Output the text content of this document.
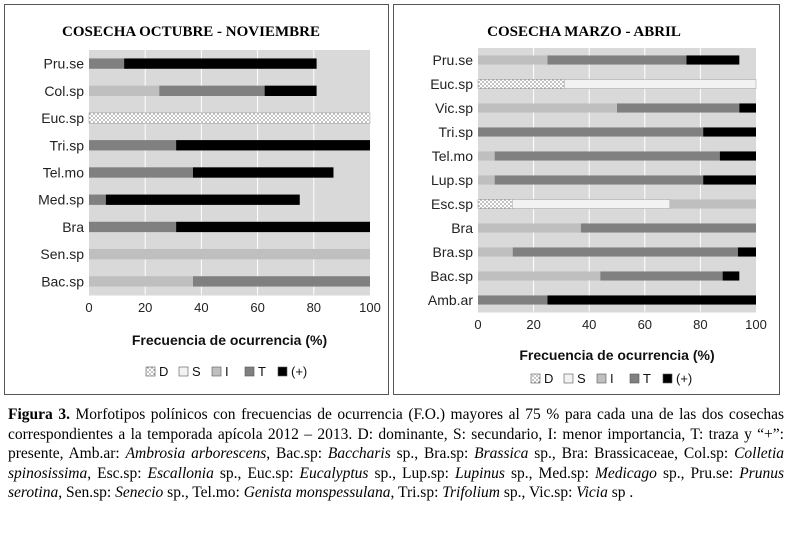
COSECHA OCTUBRE - NOVIEMBRE
0	20	40	60	80	100
Pru.se
Col.sp
Euc.sp
Tri.sp
Tel.mo
Med.sp
Bra
Sen.sp
Bac.sp
Frecuencia de ocurrencia (%)
D S I T (+)
COSECHA MARZO - ABRIL
0	20	40	60	80	100
Pru.se
Euc.sp
Vic.sp
Tri.sp
Tel.mo
Lup.sp
Esc.sp
Bra
Bra.sp
Bac.sp
Amb.ar
Frecuencia de ocurrencia (%)
D S I T (+)
Figura 3. Morfotipos polínicos con frecuencias de ocurrencia (F.O.) mayores al 75 % para cada una de las dos cosechas correspondientes a la temporada apícola 2012 – 2013. D: dominante, S: secundario, I: menor importancia, T: traza y “+”: presente, Amb.ar: Ambrosia arborescens, Bac.sp: Baccharis sp., Bra.sp: Brassica sp., Bra: Brassicaceae, Col.sp: Colletia spinosissima, Esc.sp: Escallonia sp., Euc.sp: Eucalyptus sp., Lup.sp: Lupinus sp., Med.sp: Medicago sp., Pru.se: Prunus serotina, Sen.sp: Senecio sp., Tel.mo: Genista monspessulana, Tri.sp: Trifolium sp., Vic.sp: Vicia sp .
